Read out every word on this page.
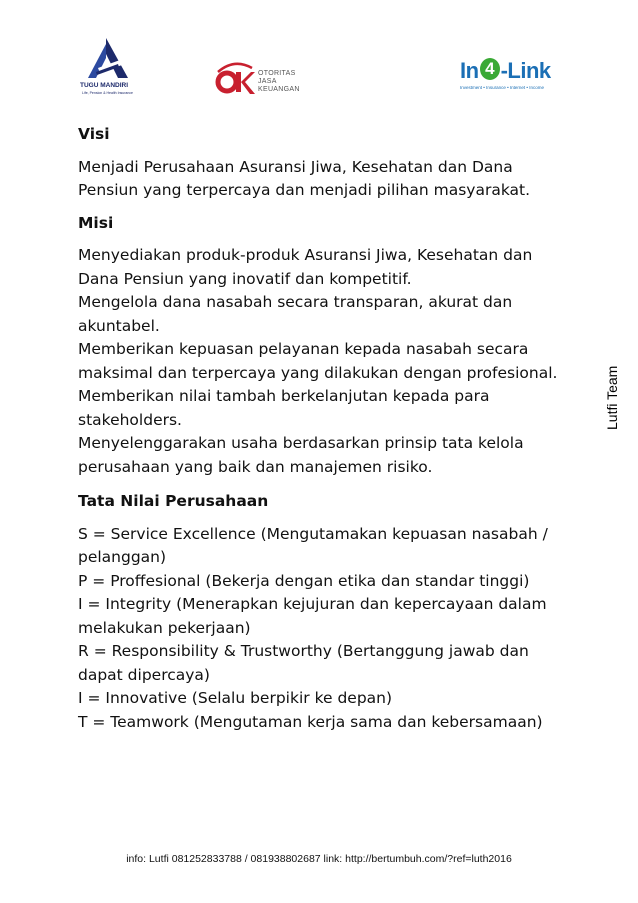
TUGU MANDIRI
Life, Pension & Health Insurance
OTORITAS
JASA
KEUANGAN
In 4 -Link
Investment • Insurance • Internet • Income
Visi
Menjadi Perusahaan Asuransi Jiwa, Kesehatan dan Dana
Pensiun yang terpercaya dan menjadi pilihan masyarakat.
Misi
Menyediakan produk-produk Asuransi Jiwa, Kesehatan dan
Dana Pensiun yang inovatif dan kompetitif.
Mengelola dana nasabah secara transparan, akurat dan
akuntabel.
Memberikan kepuasan pelayanan kepada nasabah secara
maksimal dan terpercaya yang dilakukan dengan profesional.
Memberikan nilai tambah berkelanjutan kepada para
stakeholders.
Menyelenggarakan usaha berdasarkan prinsip tata kelola
perusahaan yang baik dan manajemen risiko.
Tata Nilai Perusahaan
S = Service Excellence (Mengutamakan kepuasan nasabah /
pelanggan)
P = Proffesional (Bekerja dengan etika dan standar tinggi)
I = Integrity (Menerapkan kejujuran dan kepercayaan dalam
melakukan pekerjaan)
R = Responsibility & Trustworthy (Bertanggung jawab dan
dapat dipercaya)
I = Innovative (Selalu berpikir ke depan)
T = Teamwork (Mengutaman kerja sama dan kebersamaan)
Lutfi Team
info: Lutfi 081252833788 / 081938802687 link: http://bertumbuh.com/?ref=luth2016
